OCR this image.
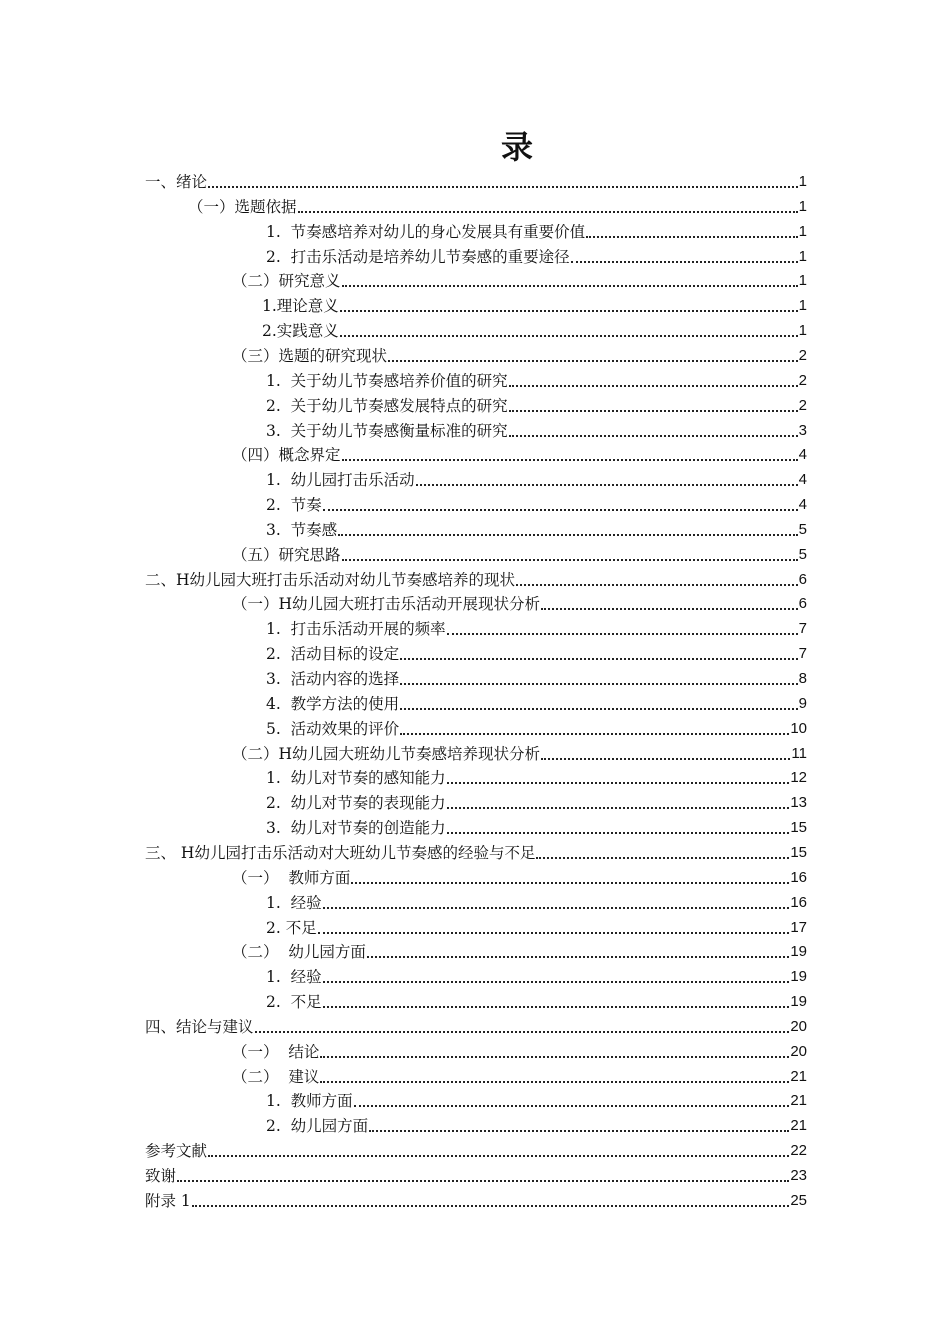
录
一、绪论	1
（一）选题依据	1
1.  节奏感培养对幼儿的身心发展具有重要价值	1
2.  打击乐活动是培养幼儿节奏感的重要途径	1
（二）研究意义	1
1.理论意义	1
2.实践意义	1
（三）选题的研究现状	2
1.  关于幼儿节奏感培养价值的研究	2
2.  关于幼儿节奏感发展特点的研究	2
3.  关于幼儿节奏感衡量标准的研究	3
（四）概念界定	4
1.  幼儿园打击乐活动	4
2.  节奏	4
3.  节奏感	5
（五）研究思路	5
二、H幼儿园大班打击乐活动对幼儿节奏感培养的现状	6
（一）H幼儿园大班打击乐活动开展现状分析	6
1.  打击乐活动开展的频率	7
2.  活动目标的设定	7
3.  活动内容的选择	8
4.  教学方法的使用	9
5.  活动效果的评价	10
（二）H幼儿园大班幼儿节奏感培养现状分析	11
1.  幼儿对节奏的感知能力	12
2.  幼儿对节奏的表现能力	13
3.  幼儿对节奏的创造能力	15
三、 H幼儿园打击乐活动对大班幼儿节奏感的经验与不足	15
（一）  教师方面	16
1.  经验	16
2. 不足	17
（二）  幼儿园方面	19
1.  经验	19
2.  不足	19
四、结论与建议	20
（一）  结论	20
（二）  建议	21
1.  教师方面	21
2.  幼儿园方面	21
参考文献	22
致谢	23
附录 1	25
